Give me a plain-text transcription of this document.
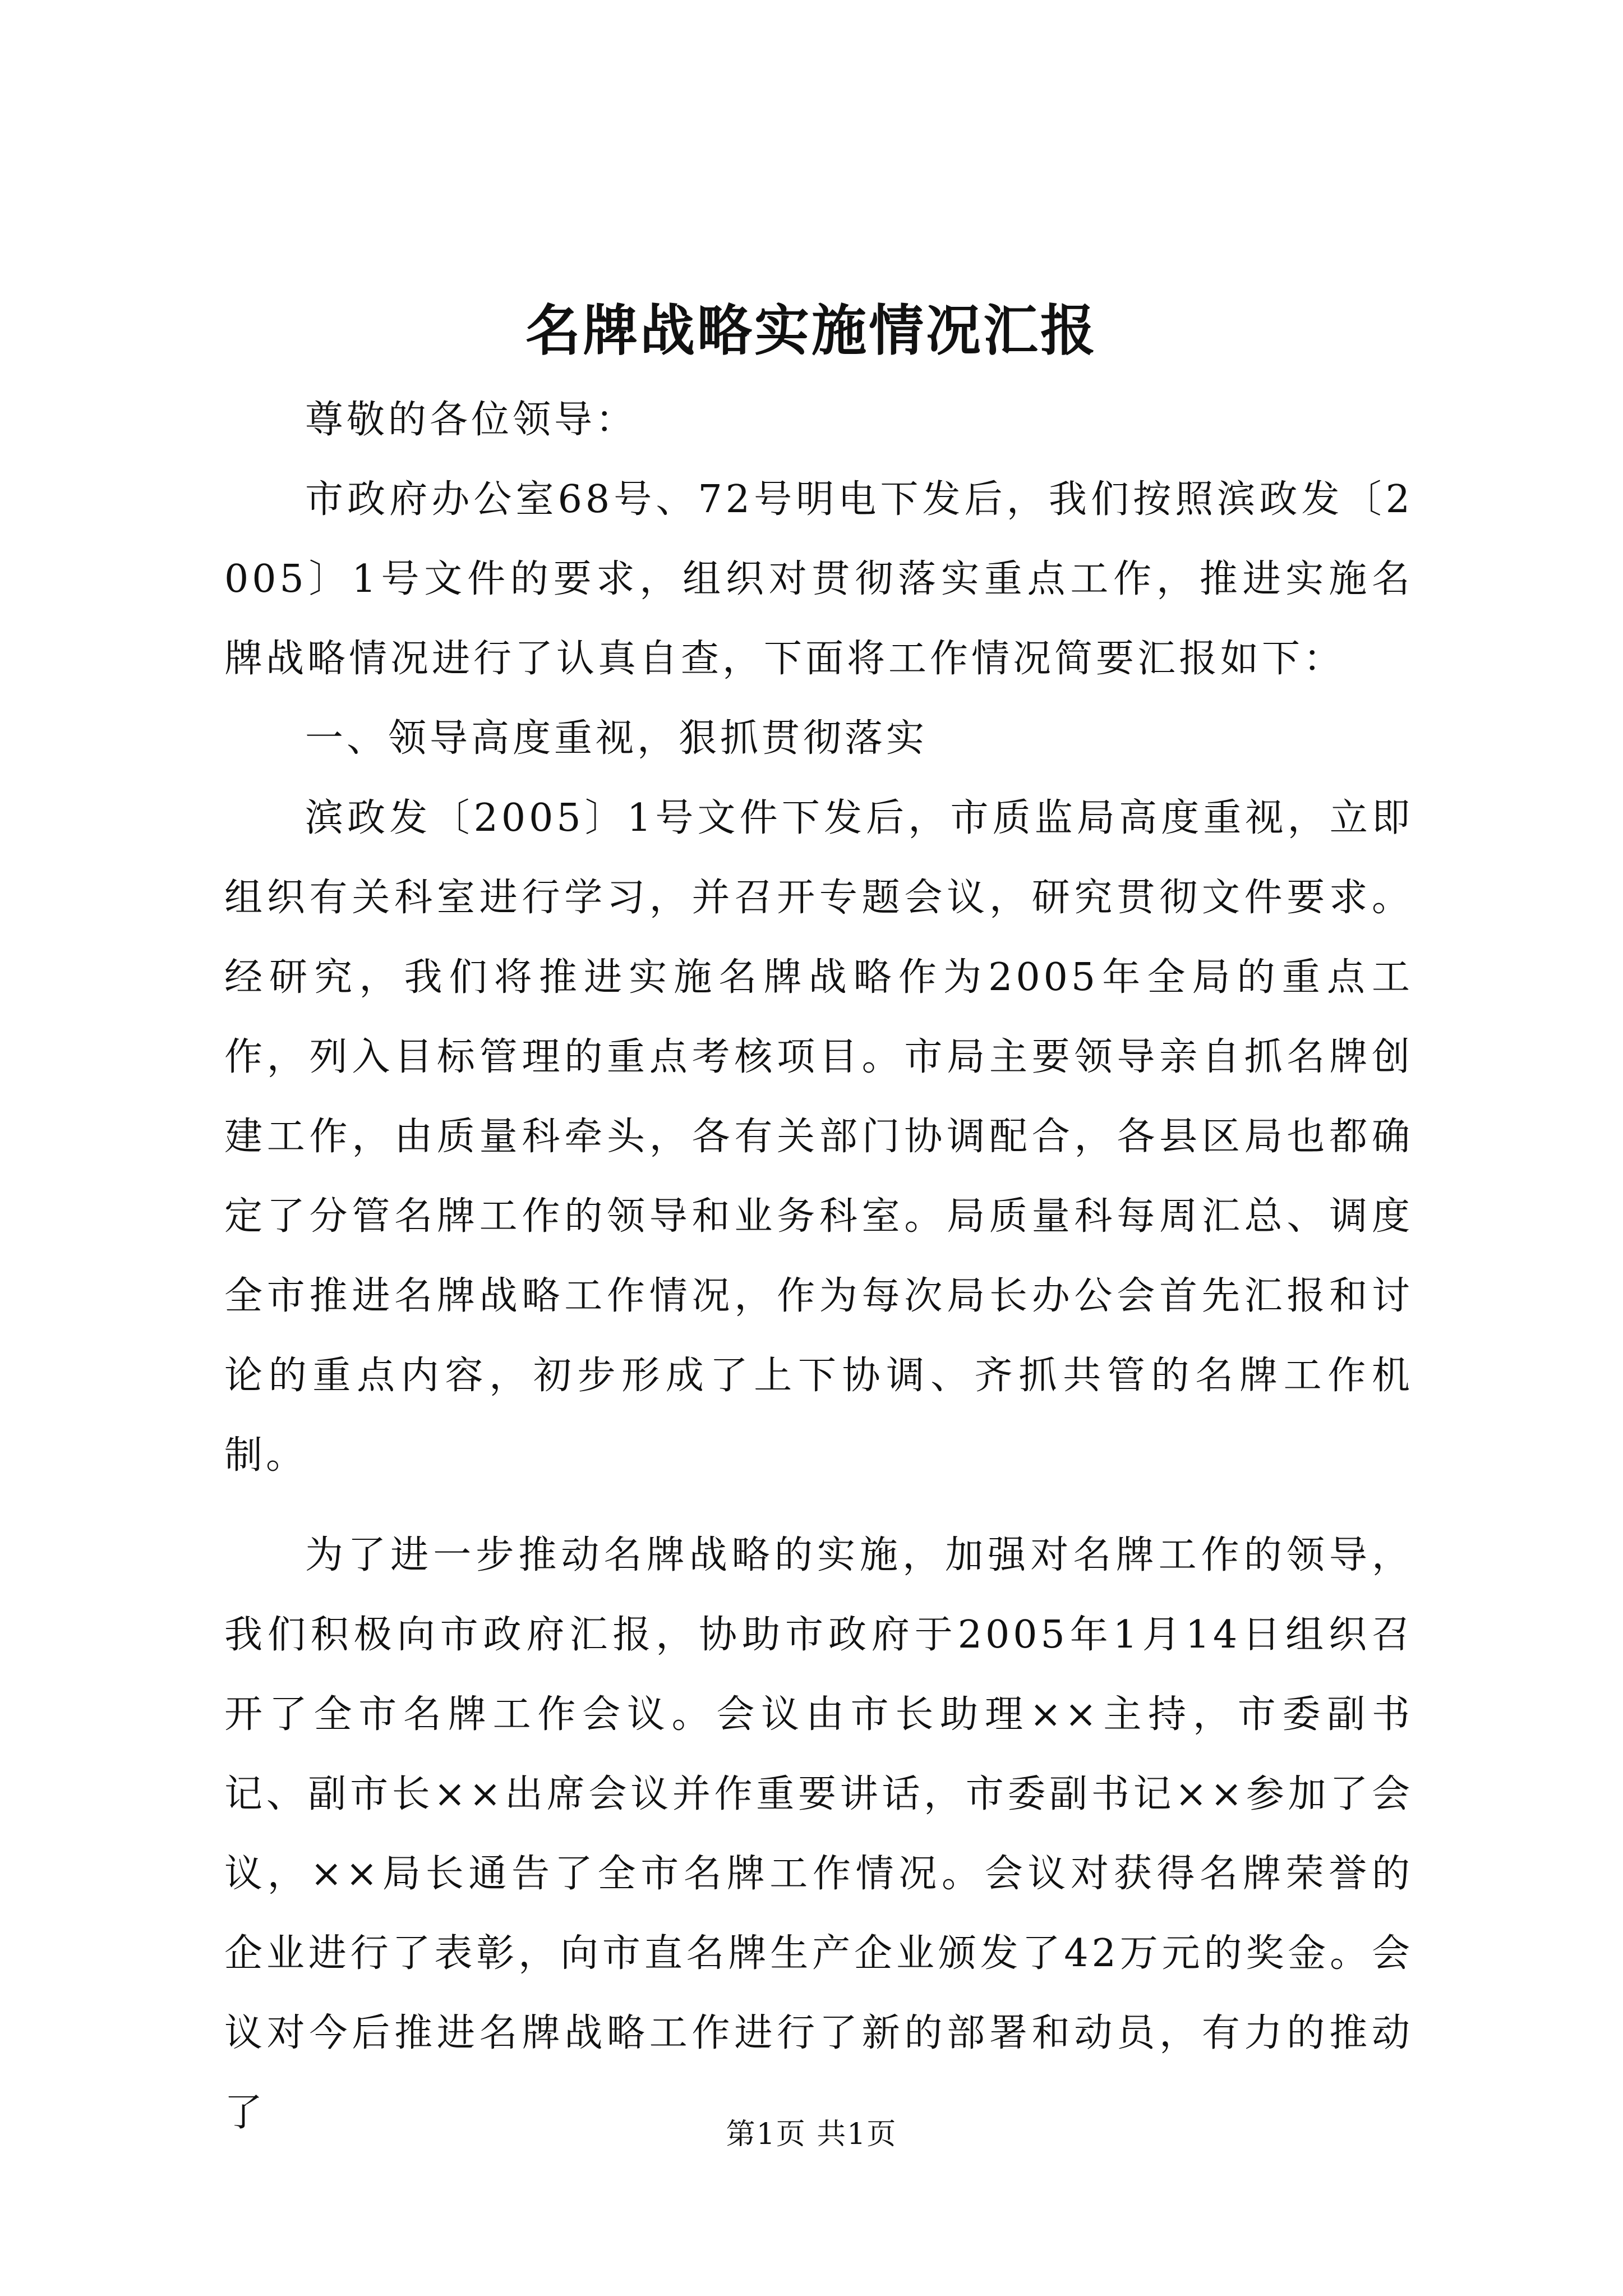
名牌战略实施情况汇报

尊敬的各位领导：

市政府办公室68号、72号明电下发后，我们按照滨政发〔2005〕1号文件的要求，组织对贯彻落实重点工作，推进实施名牌战略情况进行了认真自查，下面将工作情况简要汇报如下：

一、领导高度重视，狠抓贯彻落实

滨政发〔2005〕1号文件下发后，市质监局高度重视，立即组织有关科室进行学习，并召开专题会议，研究贯彻文件要求。经研究，我们将推进实施名牌战略作为2005年全局的重点工作，列入目标管理的重点考核项目。市局主要领导亲自抓名牌创建工作，由质量科牵头，各有关部门协调配合，各县区局也都确定了分管名牌工作的领导和业务科室。局质量科每周汇总、调度全市推进名牌战略工作情况，作为每次局长办公会首先汇报和讨论的重点内容，初步形成了上下协调、齐抓共管的名牌工作机制。

为了进一步推动名牌战略的实施，加强对名牌工作的领导，我们积极向市政府汇报，协助市政府于2005年1月14日组织召开了全市名牌工作会议。会议由市长助理××主持，市委副书记、副市长××出席会议并作重要讲话，市委副书记××参加了会议，××局长通告了全市名牌工作情况。会议对获得名牌荣誉的企业进行了表彰，向市直名牌生产企业颁发了42万元的奖金。会议对今后推进名牌战略工作进行了新的部署和动员，有力的推动了	第1页 共1页
